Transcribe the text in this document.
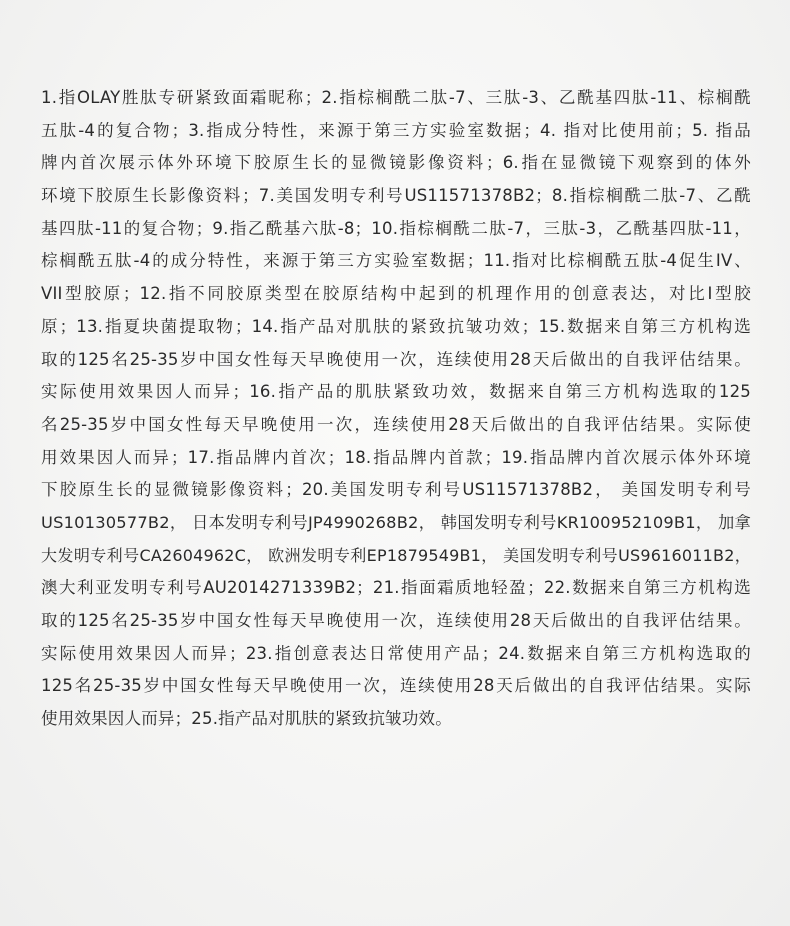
1.指OLAY胜肽专研紧致面霜昵称；2.指棕榈酰二肽-7、三肽-3、乙酰基四肽-11、棕榈酰
五肽-4的复合物；3.指成分特性，来源于第三方实验室数据；4. 指对比使用前；5. 指品
牌内首次展示体外环境下胶原生长的显微镜影像资料；6.指在显微镜下观察到的体外
环境下胶原生长影像资料；7.美国发明专利号US11571378B2；8.指棕榈酰二肽-7、乙酰
基四肽-11的复合物；9.指乙酰基六肽-8；10.指棕榈酰二肽-7，三肽-3，乙酰基四肽-11，
棕榈酰五肽-4的成分特性，来源于第三方实验室数据；11.指对比棕榈酰五肽-4促生IV、
VII型胶原；12.指不同胶原类型在胶原结构中起到的机理作用的创意表达，对比I型胶
原；13.指夏块菌提取物；14.指产品对肌肤的紧致抗皱功效；15.数据来自第三方机构选
取的125名25-35岁中国女性每天早晚使用一次，连续使用28天后做出的自我评估结果。
实际使用效果因人而异；16.指产品的肌肤紧致功效，数据来自第三方机构选取的125
名25-35岁中国女性每天早晚使用一次，连续使用28天后做出的自我评估结果。实际使
用效果因人而异；17.指品牌内首次；18.指品牌内首款；19.指品牌内首次展示体外环境
下胶原生长的显微镜影像资料；20.美国发明专利号US11571378B2， 美国发明专利号
US10130577B2， 日本发明专利号JP4990268B2， 韩国发明专利号KR100952109B1， 加拿
大发明专利号CA2604962C， 欧洲发明专利EP1879549B1， 美国发明专利号US9616011B2，
澳大利亚发明专利号AU2014271339B2；21.指面霜质地轻盈；22.数据来自第三方机构选
取的125名25-35岁中国女性每天早晚使用一次，连续使用28天后做出的自我评估结果。
实际使用效果因人而异；23.指创意表达日常使用产品；24.数据来自第三方机构选取的
125名25-35岁中国女性每天早晚使用一次，连续使用28天后做出的自我评估结果。实际
使用效果因人而异；25.指产品对肌肤的紧致抗皱功效。
